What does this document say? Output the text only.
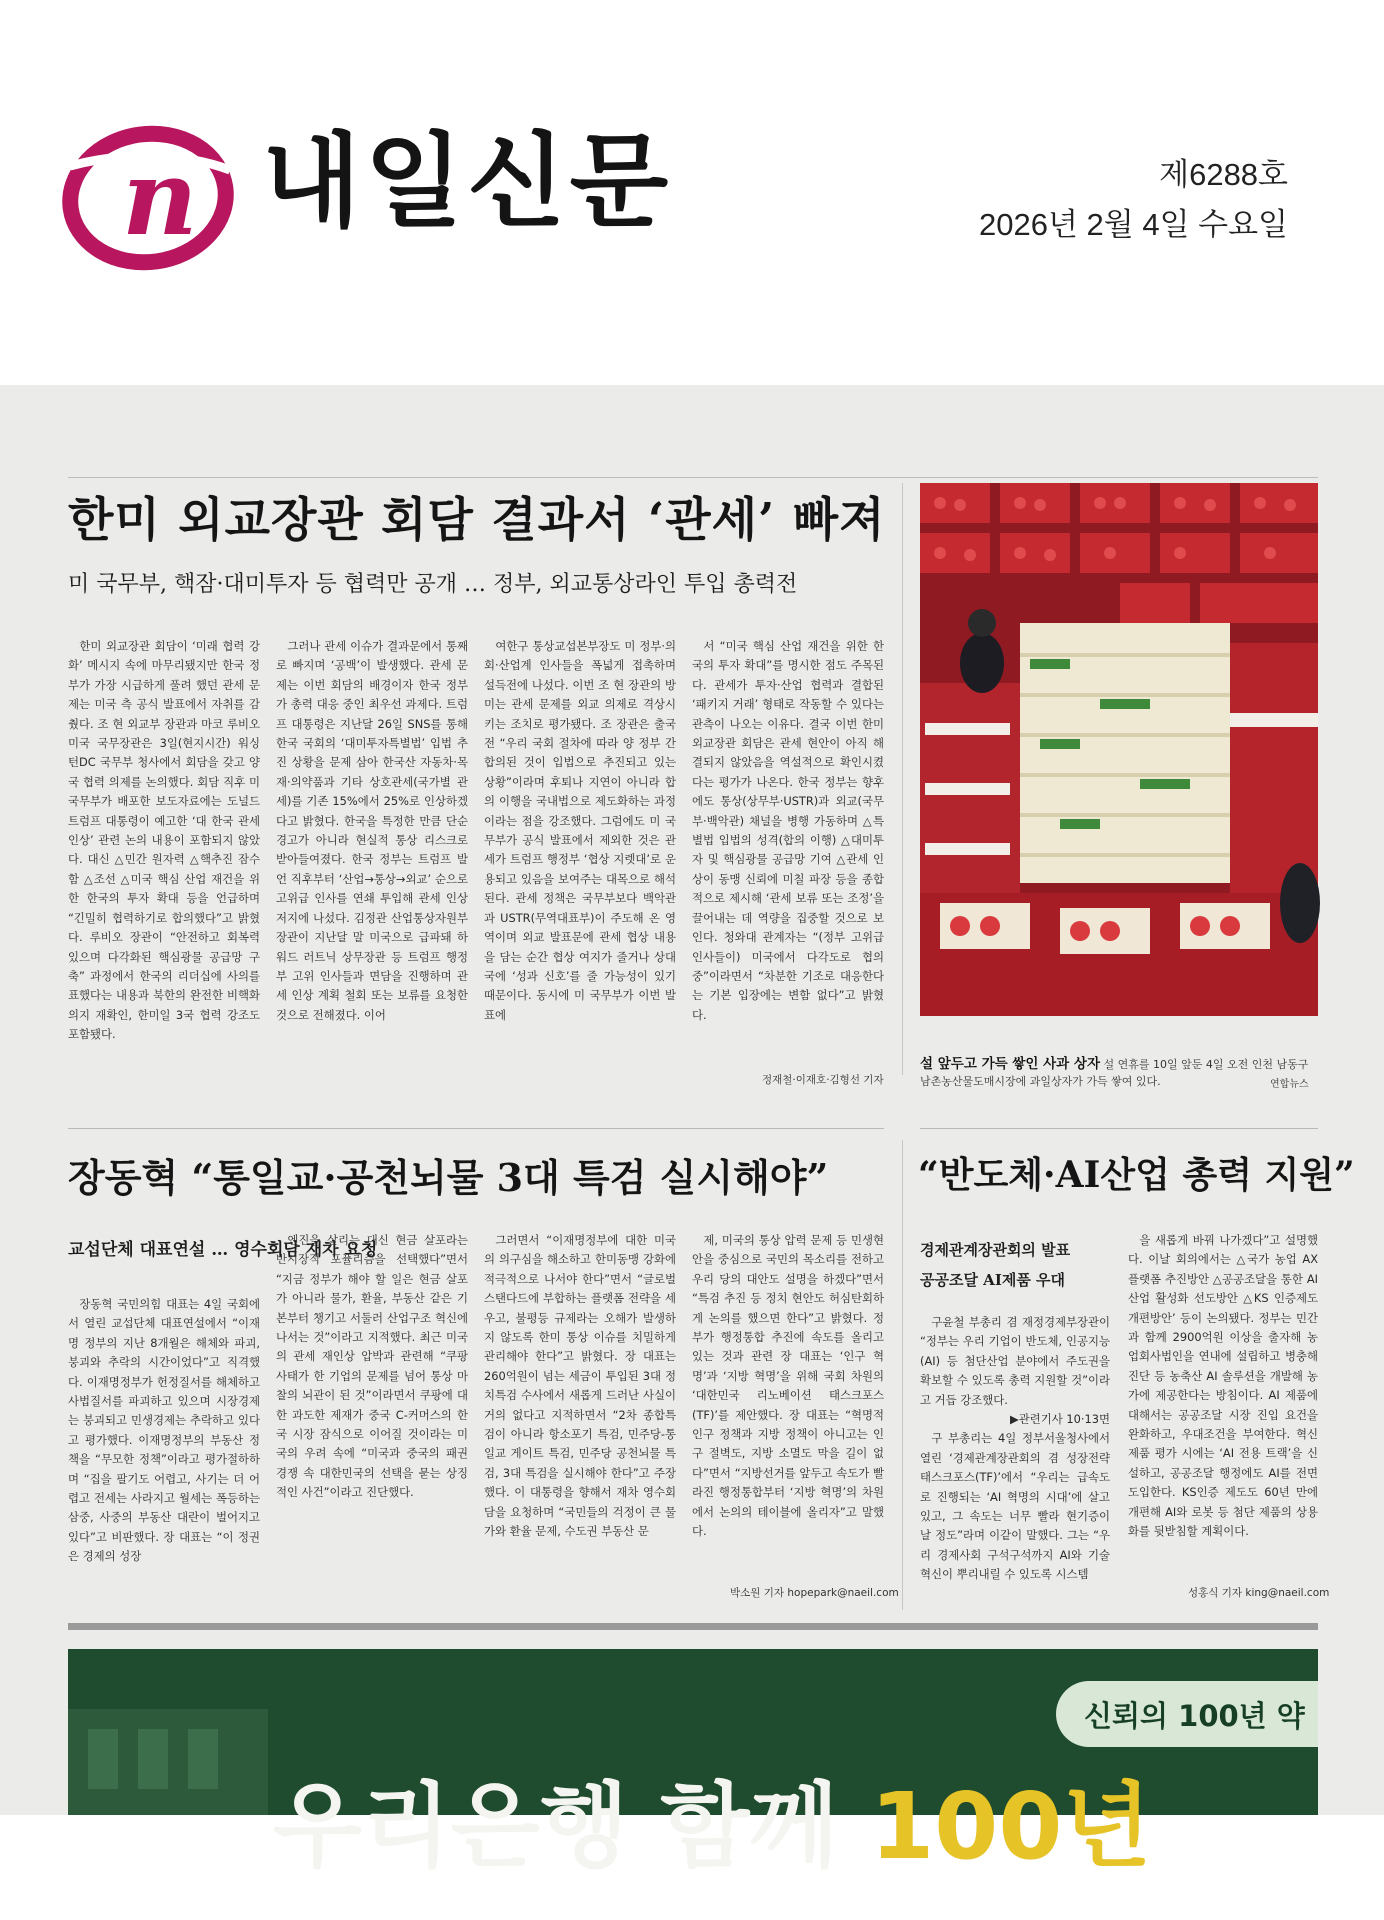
n 내일신문	제6288호
2026년 2월 4일 수요일
한미 외교장관 회담 결과서 ‘관세’ 빠져
미 국무부, 핵잠·대미투자 등 협력만 공개 … 정부, 외교통상라인 투입 총력전

한미 외교장관 회담이 ‘미래 협력 강화’ 메시지 속에 마무리됐지만 한국 정부가 가장 시급하게 풀려 했던 관세 문제는 미국 측 공식 발표에서 자취를 감췄다. 조 현 외교부 장관과 마코 루비오 미국 국무장관은 3일(현지시간) 워싱턴DC 국무부 청사에서 회담을 갖고 양국 협력 의제를 논의했다. 회담 직후 미 국무부가 배포한 보도자료에는 도널드 트럼프 대통령이 예고한 ‘대 한국 관세 인상’ 관련 논의 내용이 포함되지 않았다. 대신 △민간 원자력 △핵추진 잠수함 △조선 △미국 핵심 산업 재건을 위한 한국의 투자 확대 등을 언급하며 “긴밀히 협력하기로 합의했다”고 밝혔다. 루비오 장관이 “안전하고 회복력 있으며 다각화된 핵심광물 공급망 구축” 과정에서 한국의 리더십에 사의를 표했다는 내용과 북한의 완전한 비핵화 의지 재확인, 한미일 3국 협력 강조도 포함됐다.

그러나 관세 이슈가 결과문에서 통째로 빠지며 ‘공백’이 발생했다. 관세 문제는 이번 회담의 배경이자 한국 정부가 총력 대응 중인 최우선 과제다. 트럼프 대통령은 지난달 26일 SNS를 통해 한국 국회의 ‘대미투자특별법’ 입법 추진 상황을 문제 삼아 한국산 자동차·목재·의약품과 기타 상호관세(국가별 관세)를 기존 15%에서 25%로 인상하겠다고 밝혔다. 한국을 특정한 만큼 단순 경고가 아니라 현실적 통상 리스크로 받아들여졌다. 한국 정부는 트럼프 발언 직후부터 ‘산업→통상→외교’ 순으로 고위급 인사를 연쇄 투입해 관세 인상 저지에 나섰다. 김정관 산업통상자원부 장관이 지난달 말 미국으로 급파돼 하워드 러트닉 상무장관 등 트럼프 행정부 고위 인사들과 면담을 진행하며 관세 인상 계획 철회 또는 보류를 요청한 것으로 전해졌다. 이어

여한구 통상교섭본부장도 미 정부·의회·산업계 인사들을 폭넓게 접촉하며 설득전에 나섰다. 이번 조 현 장관의 방미는 관세 문제를 외교 의제로 격상시키는 조치로 평가됐다. 조 장관은 출국 전 “우리 국회 절차에 따라 양 정부 간 합의된 것이 입법으로 추진되고 있는 상황”이라며 후퇴나 지연이 아니라 합의 이행을 국내법으로 제도화하는 과정이라는 점을 강조했다. 그럼에도 미 국무부가 공식 발표에서 제외한 것은 관세가 트럼프 행정부 ‘협상 지렛대’로 운용되고 있음을 보여주는 대목으로 해석된다. 관세 정책은 국무부보다 백악관과 USTR(무역대표부)이 주도해 온 영역이며 외교 발표문에 관세 협상 내용을 담는 순간 협상 여지가 줄거나 상대국에 ‘성과 신호’를 줄 가능성이 있기 때문이다. 동시에 미 국무부가 이번 발표에

서 “미국 핵심 산업 재건을 위한 한국의 투자 확대”를 명시한 점도 주목된다. 관세가 투자·산업 협력과 결합된 ‘패키지 거래’ 형태로 작동할 수 있다는 관측이 나오는 이유다. 결국 이번 한미 외교장관 회담은 관세 현안이 아직 해결되지 않았음을 역설적으로 확인시켰다는 평가가 나온다. 한국 정부는 향후에도 통상(상무부·USTR)과 외교(국무부·백악관) 채널을 병행 가동하며 △특별법 입법의 성격(합의 이행) △대미투자 및 핵심광물 공급망 기여 △관세 인상이 동맹 신뢰에 미칠 파장 등을 종합적으로 제시해 ‘관세 보류 또는 조정’을 끌어내는 데 역량을 집중할 것으로 보인다. 청와대 관계자는 “(정부 고위급 인사들이) 미국에서 다각도로 협의중”이라면서 “차분한 기조로 대응한다는 기본 입장에는 변함 없다”고 밝혔다.

정재철·이재호·김형선 기자
설 앞두고 가득 쌓인 사과 상자 설 연휴를 10일 앞둔 4일 오전 인천 남동구 남촌농산물도매시장에 과일상자가 가득 쌓여 있다.	연합뉴스
장동혁 “통일교·공천뇌물 3대 특검 실시해야”
교섭단체 대표연설 … 영수회담 재차 요청

장동혁 국민의힘 대표는 4일 국회에서 열린 교섭단체 대표연설에서 “이재명 정부의 지난 8개월은 해체와 파괴, 붕괴와 추락의 시간이었다”고 직격했다. 이재명정부가 헌정질서를 해체하고 사법질서를 파괴하고 있으며 시장경제는 붕괴되고 민생경제는 추락하고 있다고 평가했다. 이재명정부의 부동산 정책을 “무모한 정책”이라고 평가절하하며 “집을 팔기도 어렵고, 사기는 더 어렵고 전세는 사라지고 월세는 폭등하는 삼중, 사중의 부동산 대란이 벌어지고 있다”고 비판했다. 장 대표는 “이 정권은 경제의 성장

엔진을 살리는 대신 현금 살포라는 반시장적 포퓰리즘을 선택했다”면서 “지금 정부가 해야 할 일은 현금 살포가 아니라 물가, 환율, 부동산 같은 기본부터 챙기고 서둘러 산업구조 혁신에 나서는 것”이라고 지적했다. 최근 미국의 관세 재인상 압박과 관련해 “쿠팡 사태가 한 기업의 문제를 넘어 통상 마찰의 뇌관이 된 것”이라면서 쿠팡에 대한 과도한 제재가 중국 C-커머스의 한국 시장 잠식으로 이어질 것이라는 미국의 우려 속에 “미국과 중국의 패권 경쟁 속 대한민국의 선택을 묻는 상징적인 사건”이라고 진단했다.

그러면서 “이재명정부에 대한 미국의 의구심을 해소하고 한미동맹 강화에 적극적으로 나서야 한다”면서 “글로벌 스탠다드에 부합하는 플랫폼 전략을 세우고, 불평등 규제라는 오해가 발생하지 않도록 한미 통상 이슈를 치밀하게 관리해야 한다”고 밝혔다. 장 대표는 260억원이 넘는 세금이 투입된 3대 정치특검 수사에서 새롭게 드러난 사실이 거의 없다고 지적하면서 “2차 종합특검이 아니라 항소포기 특검, 민주당-통일교 게이트 특검, 민주당 공천뇌물 특검, 3대 특검을 실시해야 한다”고 주장했다. 이 대통령을 향해서 재차 영수회담을 요청하며 “국민들의 걱정이 큰 물가와 환율 문제, 수도권 부동산 문

제, 미국의 통상 압력 문제 등 민생현안을 중심으로 국민의 목소리를 전하고 우리 당의 대안도 설명을 하겠다”면서 “특검 추진 등 정치 현안도 허심탄회하게 논의를 했으면 한다”고 밝혔다. 정부가 행정통합 추진에 속도를 올리고 있는 것과 관련 장 대표는 ‘인구 혁명’과 ‘지방 혁명’을 위해 국회 차원의 ‘대한민국 리노베이션 태스크포스(TF)’를 제안했다. 장 대표는 “혁명적 인구 정책과 지방 정책이 아니고는 인구 절벽도, 지방 소멸도 막을 길이 없다”면서 “지방선거를 앞두고 속도가 빨라진 행정통합부터 ‘지방 혁명’의 차원에서 논의의 테이블에 올리자”고 말했다.

박소원 기자 hopepark@naeil.com
“반도체·AI산업 총력 지원”
경제관계장관회의 발표
공공조달 AI제품 우대

구윤철 부총리 겸 재정경제부장관이 “정부는 우리 기업이 반도체, 인공지능(AI) 등 첨단산업 분야에서 주도권을 확보할 수 있도록 총력 지원할 것”이라고 거듭 강조했다.

▶관련기사 10·13면

구 부총리는 4일 정부서울청사에서 열린 ‘경제관계장관회의 겸 성장전략 태스크포스(TF)’에서 “우리는 급속도로 진행되는 ‘AI 혁명의 시대’에 살고 있고, 그 속도는 너무 빨라 현기증이 날 정도”라며 이같이 말했다. 그는 “우리 경제사회 구석구석까지 AI와 기술 혁신이 뿌리내릴 수 있도록 시스템

을 새롭게 바꿔 나가겠다”고 설명했다. 이날 회의에서는 △국가 농업 AX 플랫폼 추진방안 △공공조달을 통한 AI 산업 활성화 선도방안 △KS 인증제도 개편방안’ 등이 논의됐다. 정부는 민간과 함께 2900억원 이상을 출자해 농업회사법인을 연내에 설립하고 병충해 진단 등 농축산 AI 솔루션을 개발해 농가에 제공한다는 방침이다. AI 제품에 대해서는 공공조달 시장 진입 요건을 완화하고, 우대조건을 부여한다. 혁신 제품 평가 시에는 ‘AI 전용 트랙’을 신설하고, 공공조달 행정에도 AI를 전면 도입한다. KS인증 제도도 60년 만에 개편해 AI와 로봇 등 첨단 제품의 상용화를 뒷받침할 계획이다.

성홍식 기자 king@naeil.com
신뢰의 100년 약
우리은행 함께 100년
